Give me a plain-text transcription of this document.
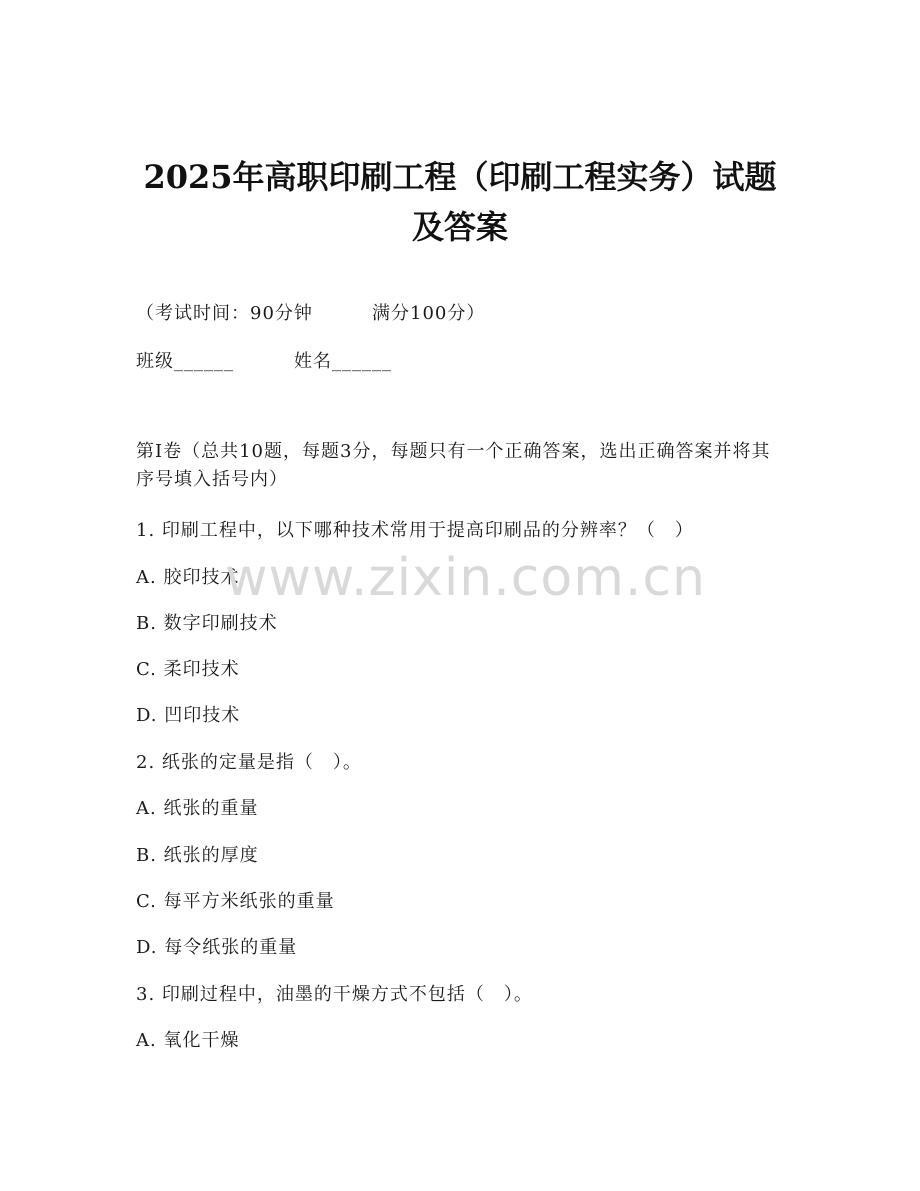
2025年高职印刷工程（印刷工程实务）试题
及答案
（考试时间：90分钟	满分100分）
班级______	姓名______
第I卷（总共10题，每题3分，每题只有一个正确答案，选出正确答案并将其序号填入括号内）
1. 印刷工程中，以下哪种技术常用于提高印刷品的分辨率？（　）
A. 胶印技术
B. 数字印刷技术
C. 柔印技术
D. 凹印技术
2. 纸张的定量是指（　）。
A. 纸张的重量
B. 纸张的厚度
C. 每平方米纸张的重量
D. 每令纸张的重量
3. 印刷过程中，油墨的干燥方式不包括（　）。
A. 氧化干燥
www.zixin.com.cn
